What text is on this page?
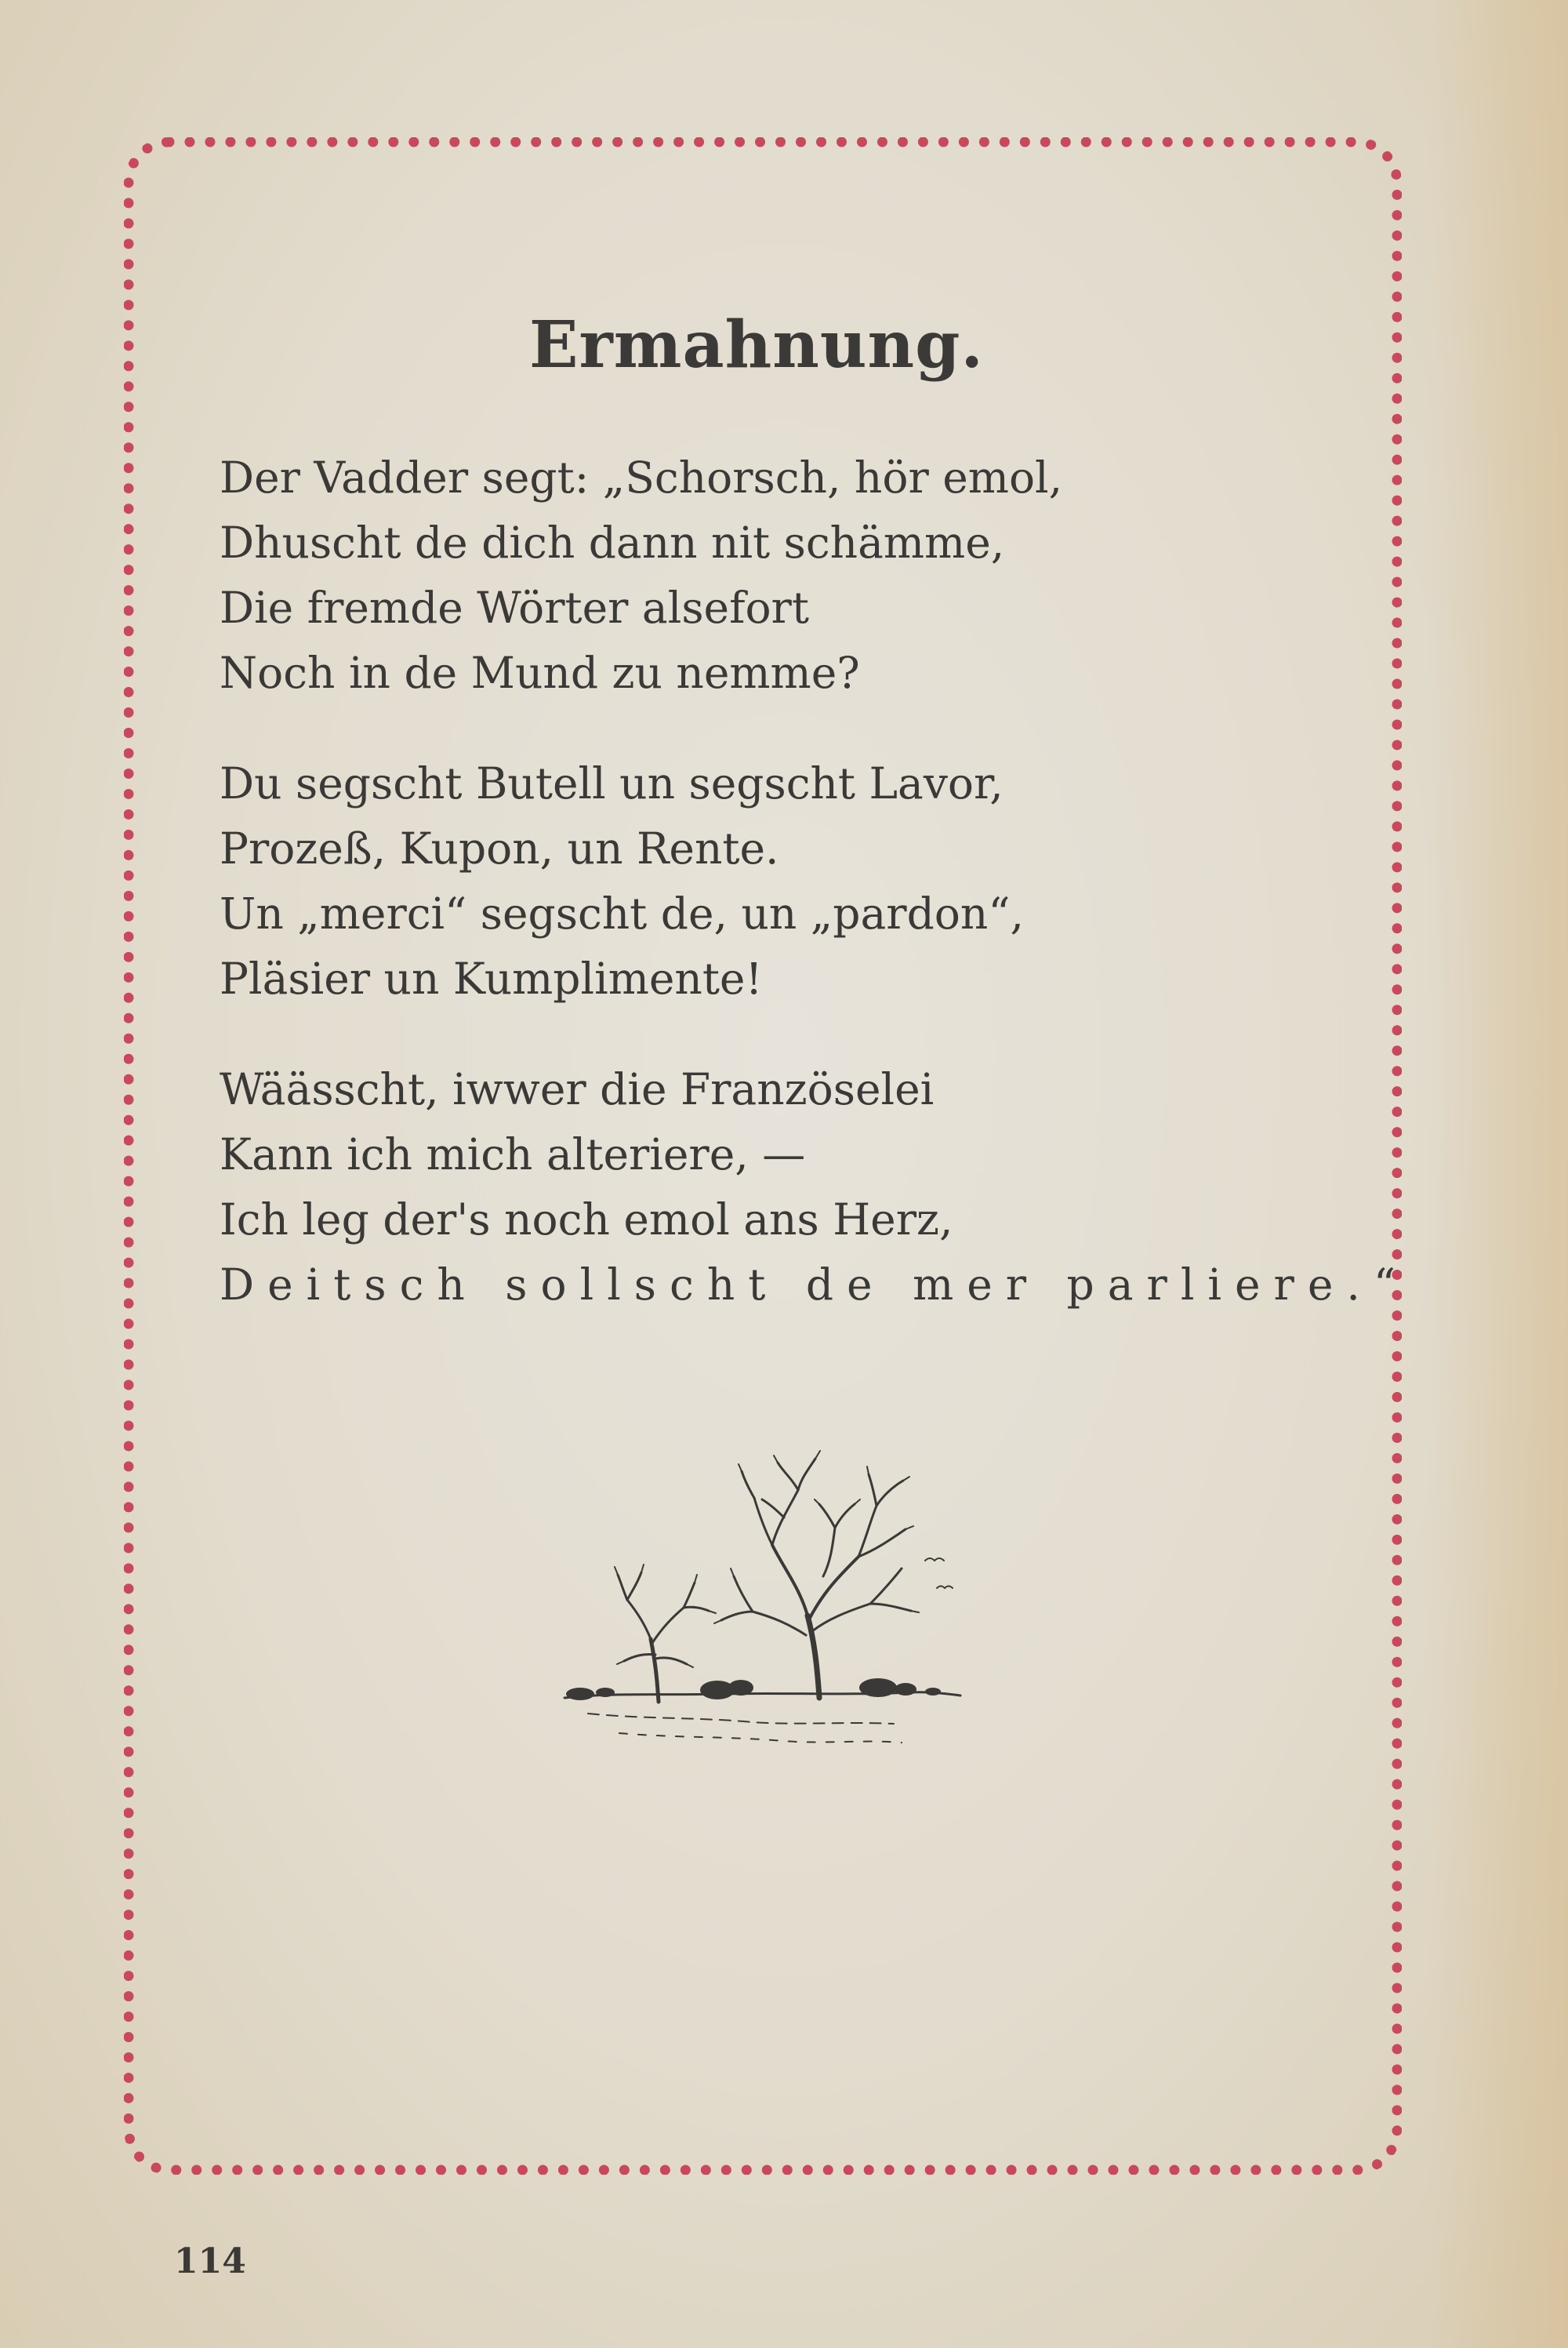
Ermahnung.
Der Vadder segt: „Schorsch, hör emol,
Dhuscht de dich dann nit schämme,
Die fremde Wörter alsefort
Noch in de Mund zu nemme?
Du segscht Butell un segscht Lavor,
Prozeß, Kupon, un Rente.
Un „merci“ segscht de, un „pardon“,
Pläsier un Kumplimente!
Wäässcht, iwwer die Französelei
Kann ich mich alteriere, —
Ich leg der's noch emol ans Herz,
Deitsch sollscht de mer parliere.“
114
